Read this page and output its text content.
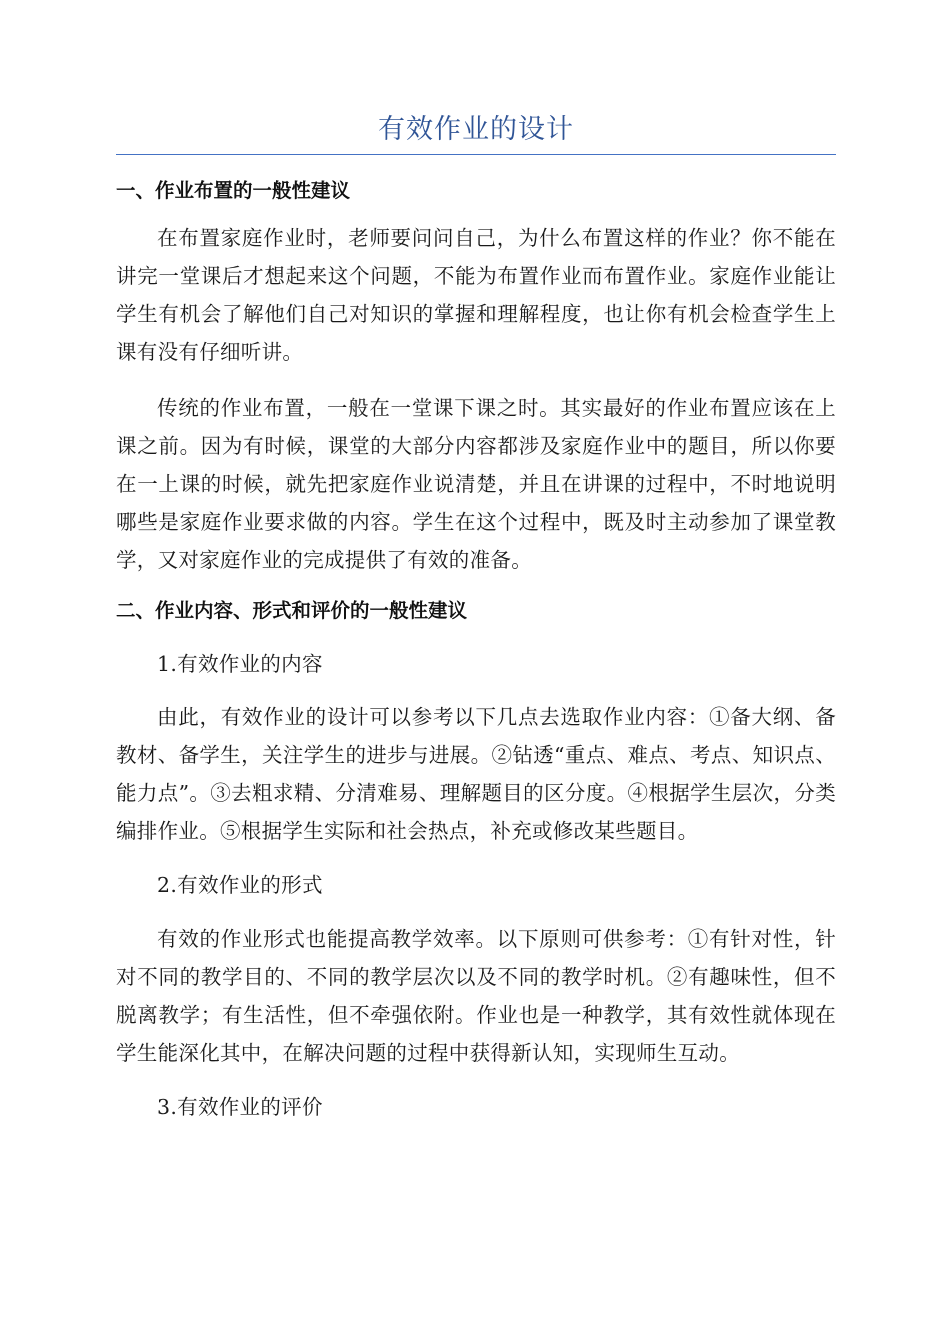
有效作业的设计
一、作业布置的一般性建议

在布置家庭作业时，老师要问问自己，为什么布置这样的作业？你不能在讲完一堂课后才想起来这个问题，不能为布置作业而布置作业。家庭作业能让学生有机会了解他们自己对知识的掌握和理解程度，也让你有机会检查学生上课有没有仔细听讲。

传统的作业布置，一般在一堂课下课之时。其实最好的作业布置应该在上课之前。因为有时候，课堂的大部分内容都涉及家庭作业中的题目，所以你要在一上课的时候，就先把家庭作业说清楚，并且在讲课的过程中，不时地说明哪些是家庭作业要求做的内容。学生在这个过程中，既及时主动参加了课堂教学，又对家庭作业的完成提供了有效的准备。

二、作业内容、形式和评价的一般性建议

1.有效作业的内容

由此，有效作业的设计可以参考以下几点去选取作业内容：①备大纲、备教材、备学生，关注学生的进步与进展。②钻透“重点、难点、考点、知识点、能力点”。③去粗求精、分清难易、理解题目的区分度。④根据学生层次，分类编排作业。⑤根据学生实际和社会热点，补充或修改某些题目。

2.有效作业的形式

有效的作业形式也能提高教学效率。以下原则可供参考：①有针对性，针对不同的教学目的、不同的教学层次以及不同的教学时机。②有趣味性，但不脱离教学；有生活性，但不牵强依附。作业也是一种教学，其有效性就体现在学生能深化其中，在解决问题的过程中获得新认知，实现师生互动。

3.有效作业的评价
